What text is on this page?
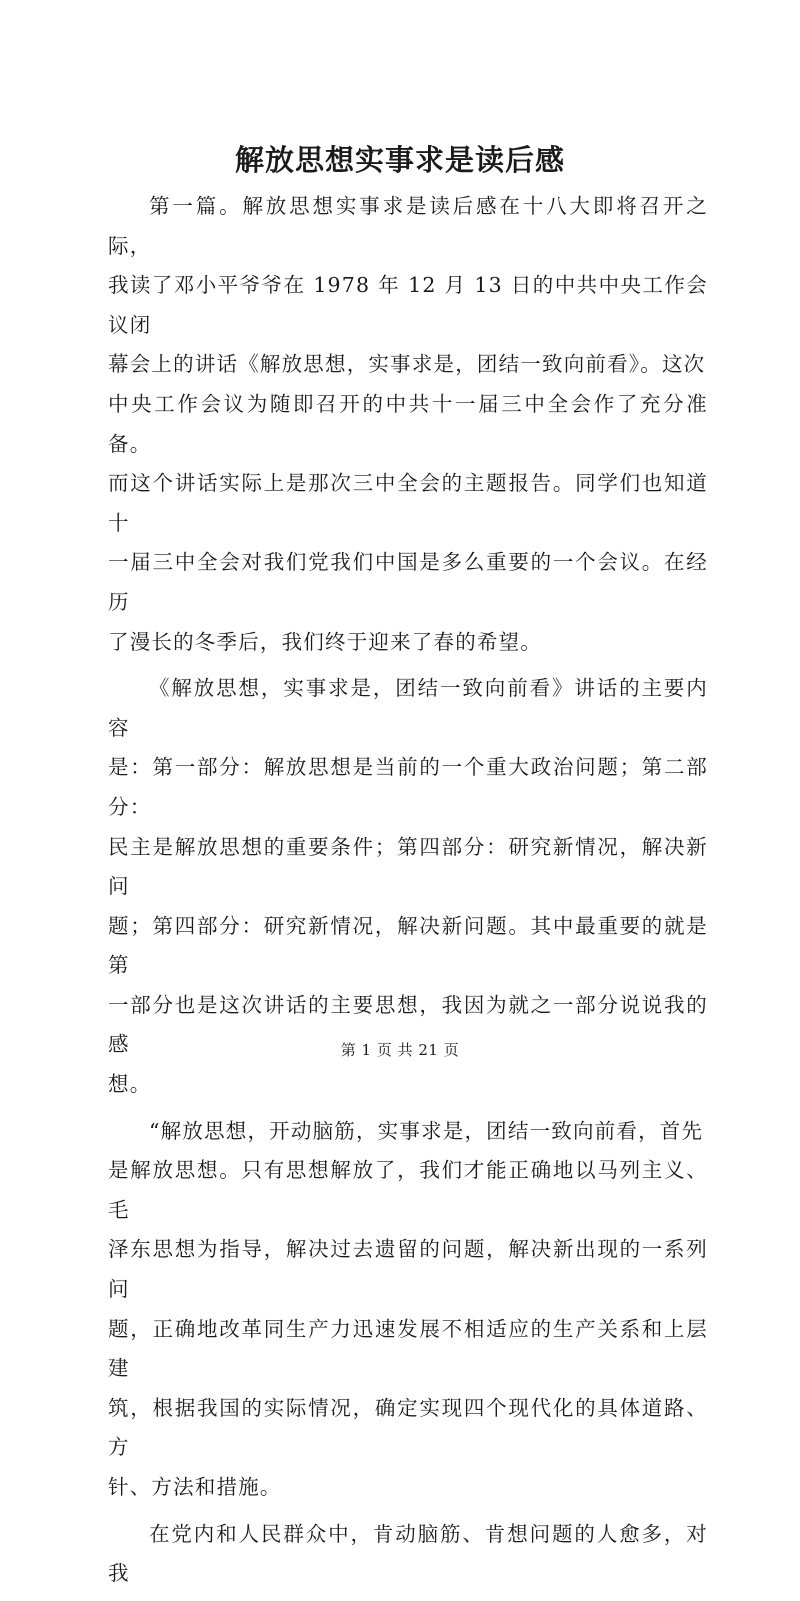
解放思想实事求是读后感

第一篇。解放思想实事求是读后感在十八大即将召开之际，
我读了邓小平爷爷在 1978 年 12 月 13 日的中共中央工作会议闭
幕会上的讲话《解放思想，实事求是，团结一致向前看》。这次
中央工作会议为随即召开的中共十一届三中全会作了充分准备。
而这个讲话实际上是那次三中全会的主题报告。同学们也知道十
一届三中全会对我们党我们中国是多么重要的一个会议。在经历
了漫长的冬季后，我们终于迎来了春的希望。

《解放思想，实事求是，团结一致向前看》讲话的主要内容
是：第一部分：解放思想是当前的一个重大政治问题；第二部分：
民主是解放思想的重要条件；第四部分：研究新情况，解决新问
题；第四部分：研究新情况，解决新问题。其中最重要的就是第
一部分也是这次讲话的主要思想，我因为就之一部分说说我的感
想。

“解放思想，开动脑筋，实事求是，团结一致向前看，首先
是解放思想。只有思想解放了，我们才能正确地以马列主义、毛
泽东思想为指导，解决过去遗留的问题，解决新出现的一系列问
题，正确地改革同生产力迅速发展不相适应的生产关系和上层建
筑，根据我国的实际情况，确定实现四个现代化的具体道路、方
针、方法和措施。

在党内和人民群众中，肯动脑筋、肯想问题的人愈多，对我

第 1 页 共 21 页
